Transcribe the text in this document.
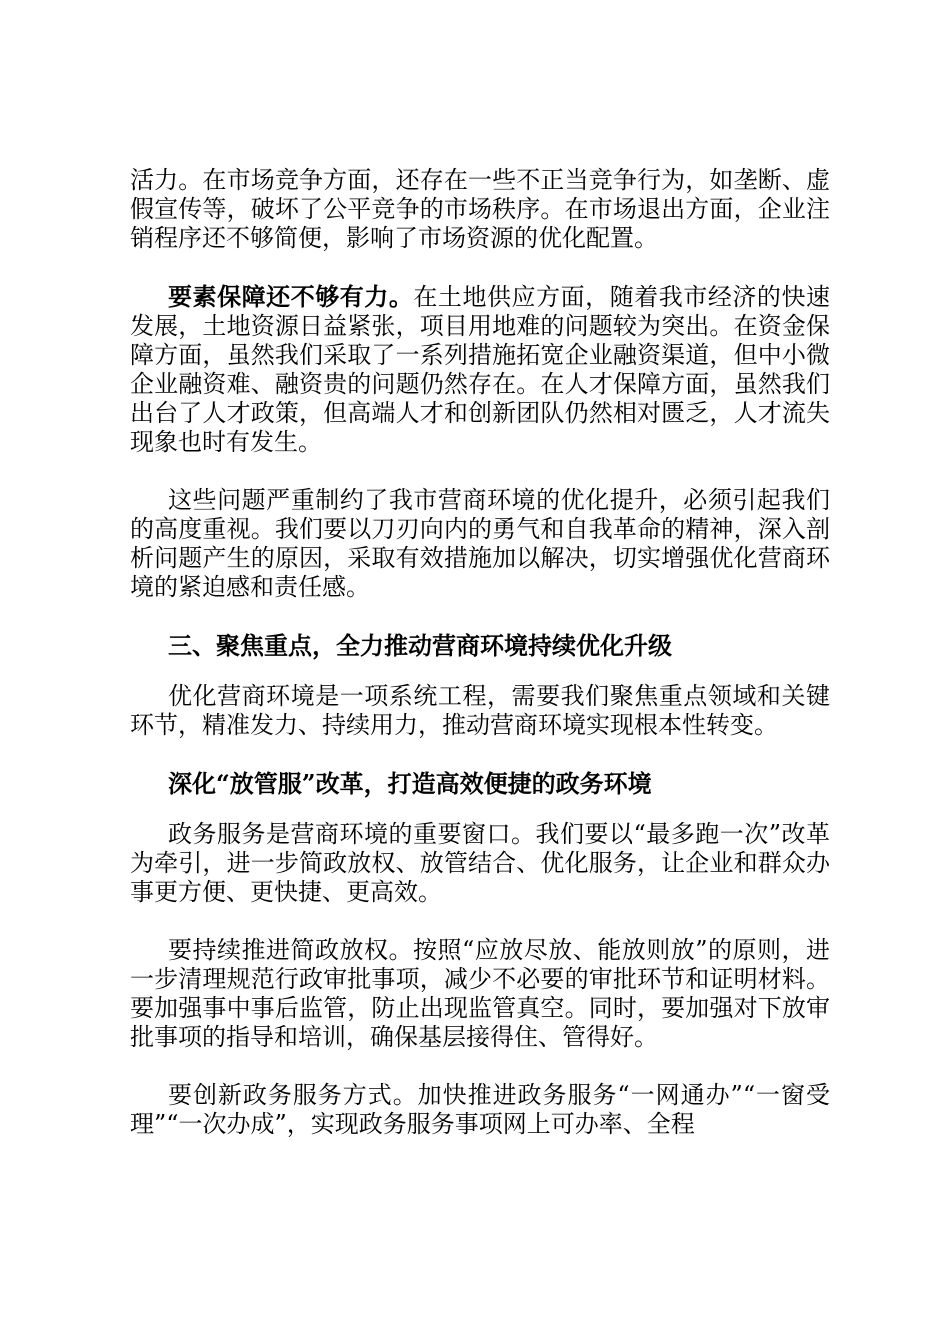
活力。在市场竞争方面，还存在一些不正当竞争行为，如垄断、虚假宣传等，破坏了公平竞争的市场秩序。在市场退出方面，企业注销程序还不够简便，影响了市场资源的优化配置。

要素保障还不够有力。在土地供应方面，随着我市经济的快速发展，土地资源日益紧张，项目用地难的问题较为突出。在资金保障方面，虽然我们采取了一系列措施拓宽企业融资渠道，但中小微企业融资难、融资贵的问题仍然存在。在人才保障方面，虽然我们出台了人才政策，但高端人才和创新团队仍然相对匮乏，人才流失现象也时有发生。

这些问题严重制约了我市营商环境的优化提升，必须引起我们的高度重视。我们要以刀刃向内的勇气和自我革命的精神，深入剖析问题产生的原因，采取有效措施加以解决，切实增强优化营商环境的紧迫感和责任感。

三、聚焦重点，全力推动营商环境持续优化升级

优化营商环境是一项系统工程，需要我们聚焦重点领域和关键环节，精准发力、持续用力，推动营商环境实现根本性转变。

深化“放管服”改革，打造高效便捷的政务环境

政务服务是营商环境的重要窗口。我们要以“最多跑一次”改革为牵引，进一步简政放权、放管结合、优化服务，让企业和群众办事更方便、更快捷、更高效。

要持续推进简政放权。按照“应放尽放、能放则放”的原则，进一步清理规范行政审批事项，减少不必要的审批环节和证明材料。要加强事中事后监管，防止出现监管真空。同时，要加强对下放审批事项的指导和培训，确保基层接得住、管得好。

要创新政务服务方式。加快推进政务服务“一网通办”“一窗受理”“一次办成”，实现政务服务事项网上可办率、全程
